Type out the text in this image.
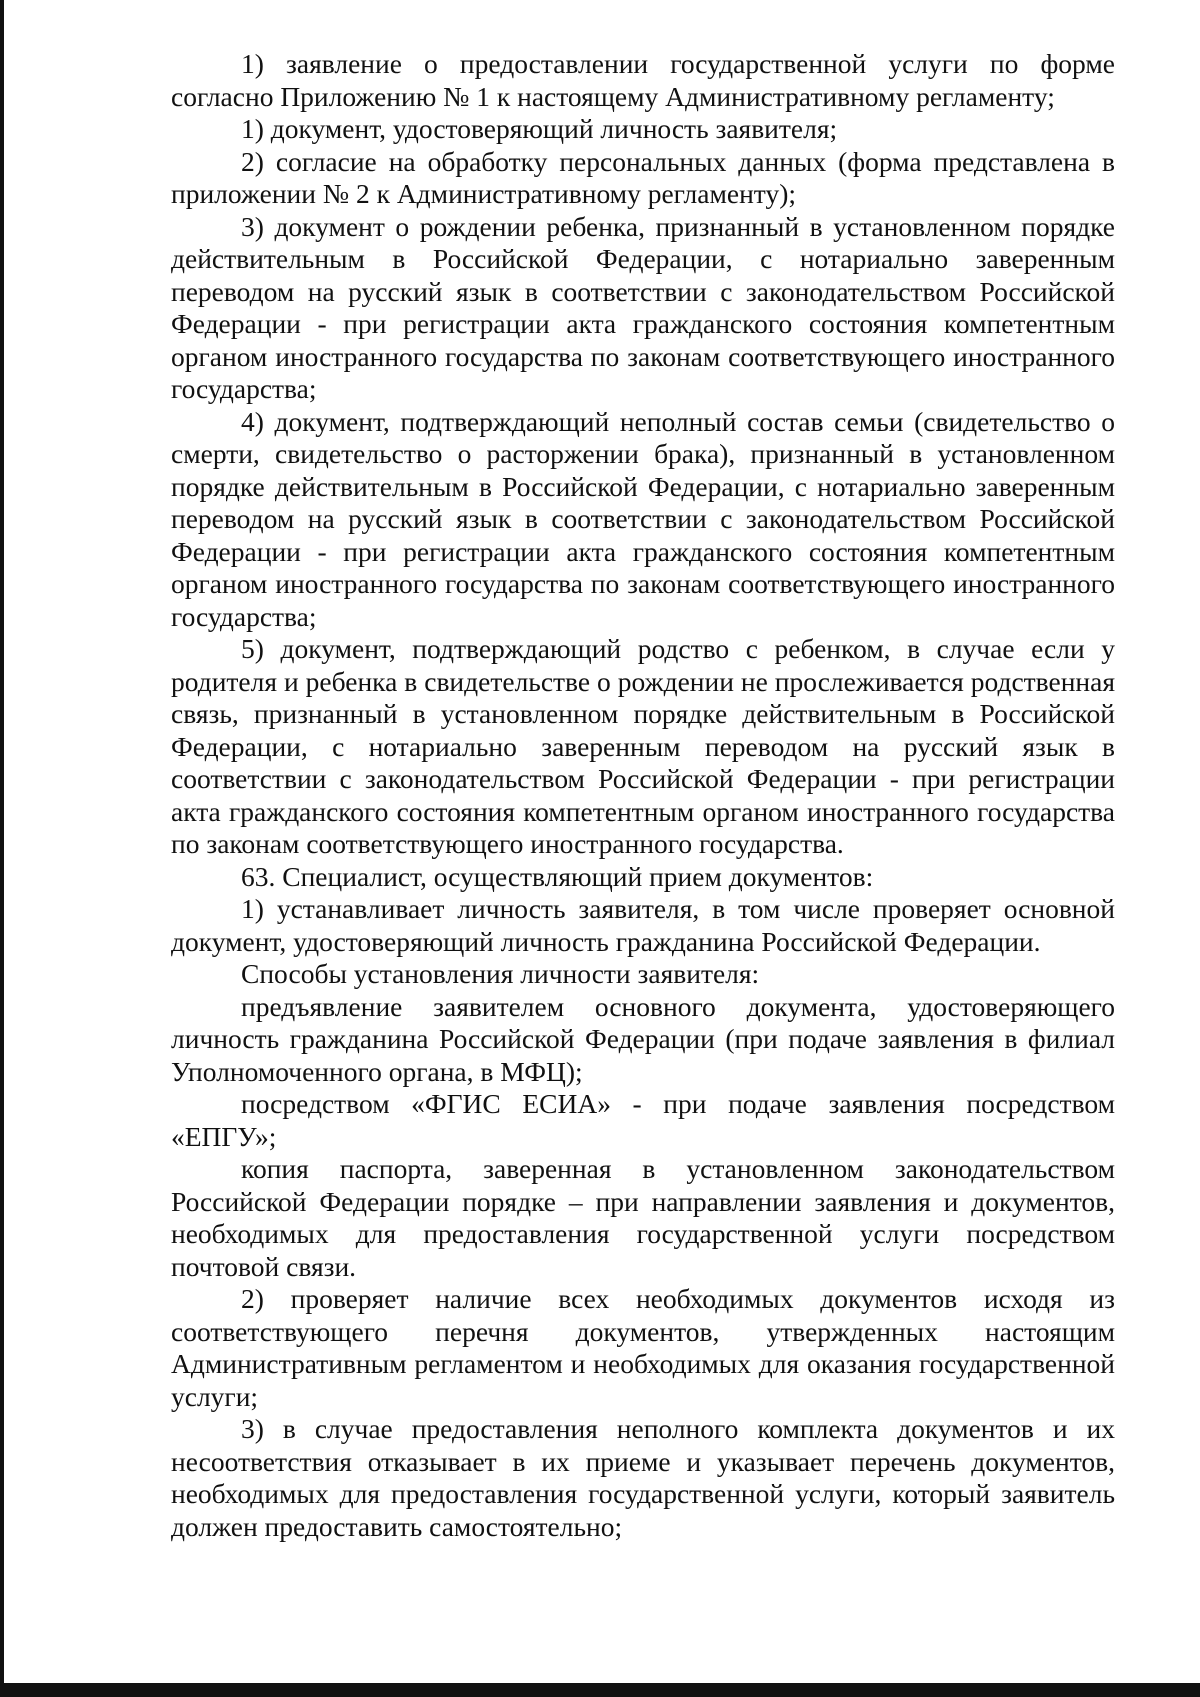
1) заявление о предоставлении государственной услуги по форме согласно Приложению № 1 к настоящему Административному регламенту;

1) документ, удостоверяющий личность заявителя;

2) согласие на обработку персональных данных (форма представлена в приложении № 2 к Административному регламенту);

3) документ о рождении ребенка, признанный в установленном порядке действительным в Российской Федерации, с нотариально заверенным переводом на русский язык в соответствии с законодательством Российской Федерации - при регистрации акта гражданского состояния компетентным органом иностранного государства по законам соответствующего иностранного государства;

4) документ, подтверждающий неполный состав семьи (свидетельство о смерти, свидетельство о расторжении брака), признанный в установленном порядке действительным в Российской Федерации, с нотариально заверенным переводом на русский язык в соответствии с законодательством Российской Федерации - при регистрации акта гражданского состояния компетентным органом иностранного государства по законам соответствующего иностранного государства;

5) документ, подтверждающий родство с ребенком, в случае если у родителя и ребенка в свидетельстве о рождении не прослеживается родственная связь, признанный в установленном порядке действительным в Российской Федерации, с нотариально заверенным переводом на русский язык в соответствии с законодательством Российской Федерации - при регистрации акта гражданского состояния компетентным органом иностранного государства по законам соответствующего иностранного государства.

63. Специалист, осуществляющий прием документов:

1) устанавливает личность заявителя, в том числе проверяет основной документ, удостоверяющий личность гражданина Российской Федерации.

Способы установления личности заявителя:

предъявление заявителем основного документа, удостоверяющего личность гражданина Российской Федерации (при подаче заявления в филиал Уполномоченного органа, в МФЦ);

посредством «ФГИС ЕСИА» - при подаче заявления посредством «ЕПГУ»;

копия паспорта, заверенная в установленном законодательством Российской Федерации порядке – при направлении заявления и документов, необходимых для предоставления государственной услуги посредством почтовой связи.

2) проверяет наличие всех необходимых документов исходя из соответствующего перечня документов, утвержденных настоящим Административным регламентом и необходимых для оказания государственной услуги;

3) в случае предоставления неполного комплекта документов и их несоответствия отказывает в их приеме и указывает перечень документов, необходимых для предоставления государственной услуги, который заявитель должен предоставить самостоятельно;
